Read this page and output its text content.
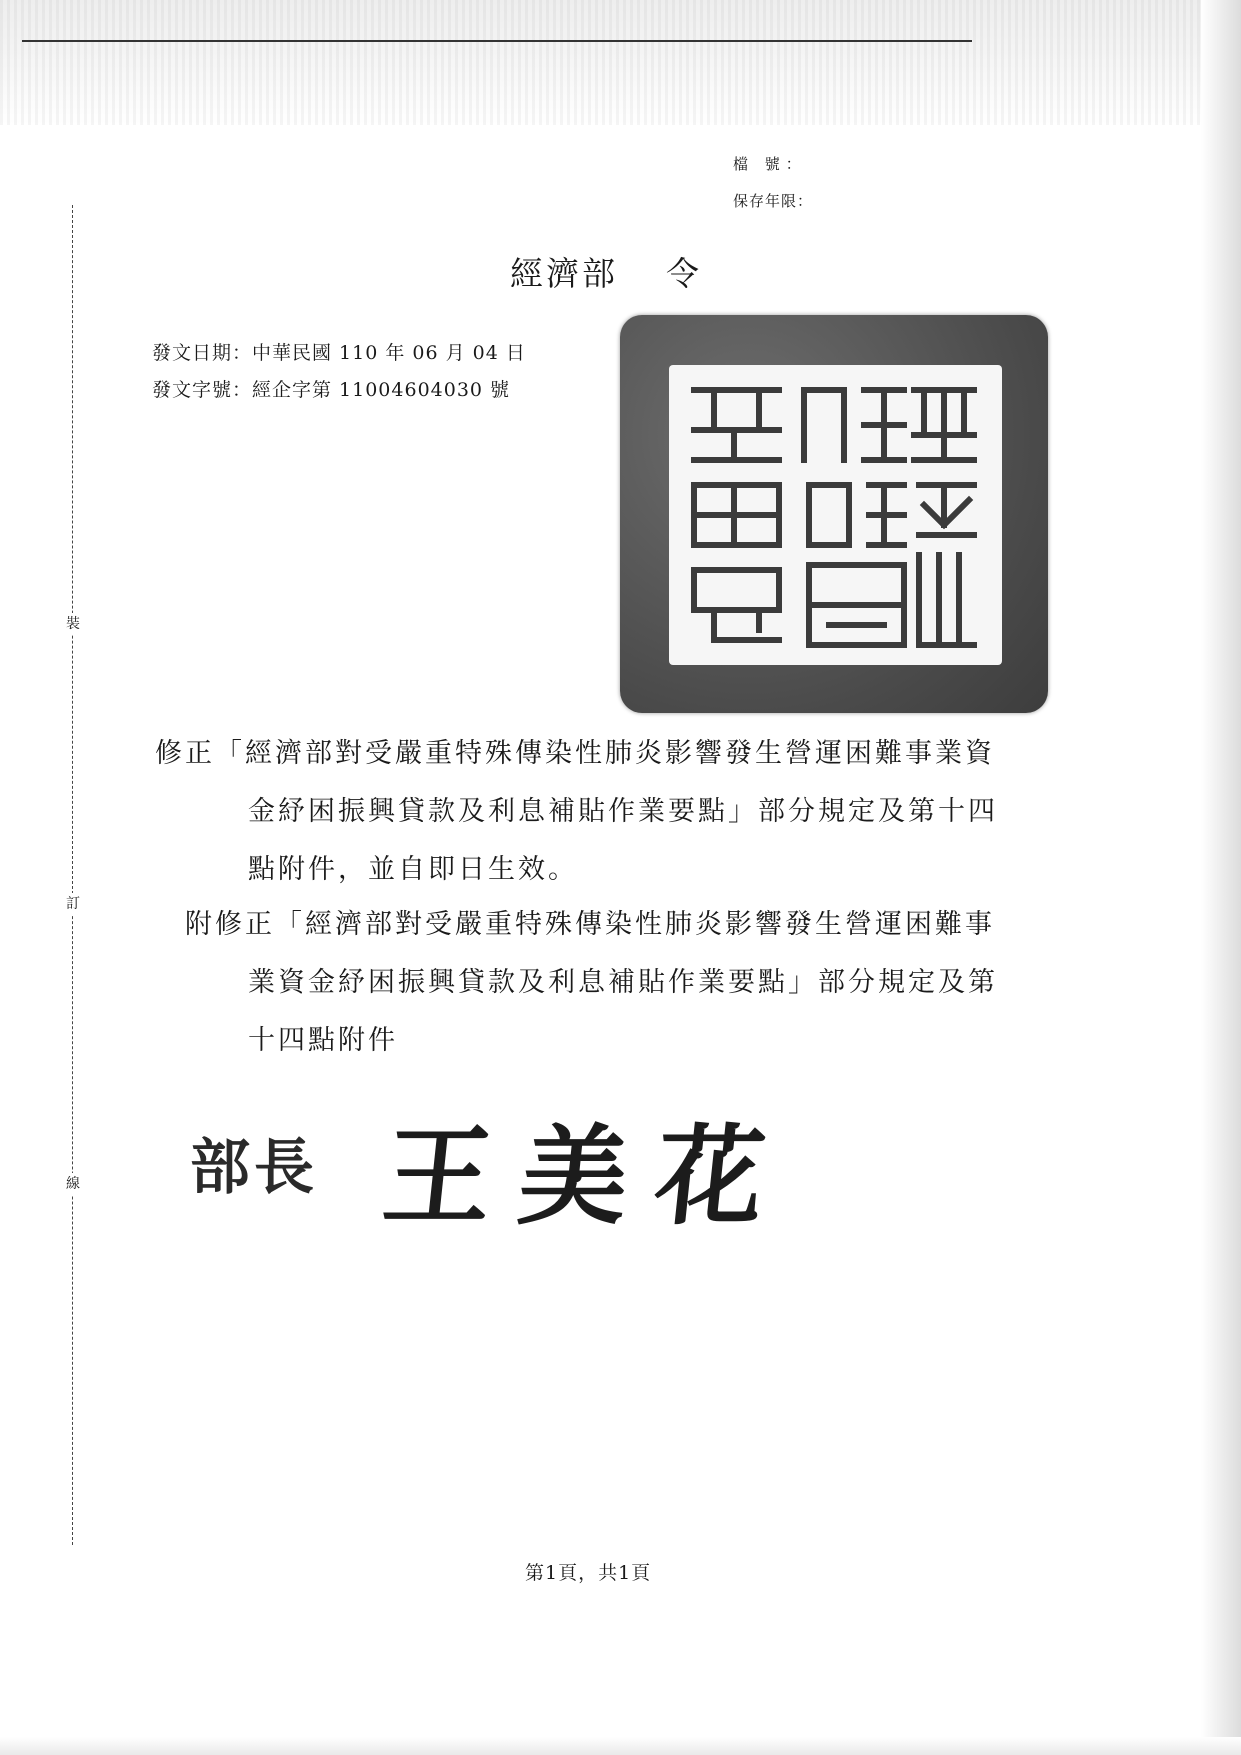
裝
訂
線
檔 號：
保存年限：
經濟部 令
發文日期：中華民國 110 年 06 月 04 日
發文字號：經企字第 11004604030 號
修正「經濟部對受嚴重特殊傳染性肺炎影響發生營運困難事業資
金紓困振興貸款及利息補貼作業要點」部分規定及第十四
點附件，並自即日生效。
附修正「經濟部對受嚴重特殊傳染性肺炎影響發生營運困難事
業資金紓困振興貸款及利息補貼作業要點」部分規定及第
十四點附件
部長 王美花
第1頁，共1頁
